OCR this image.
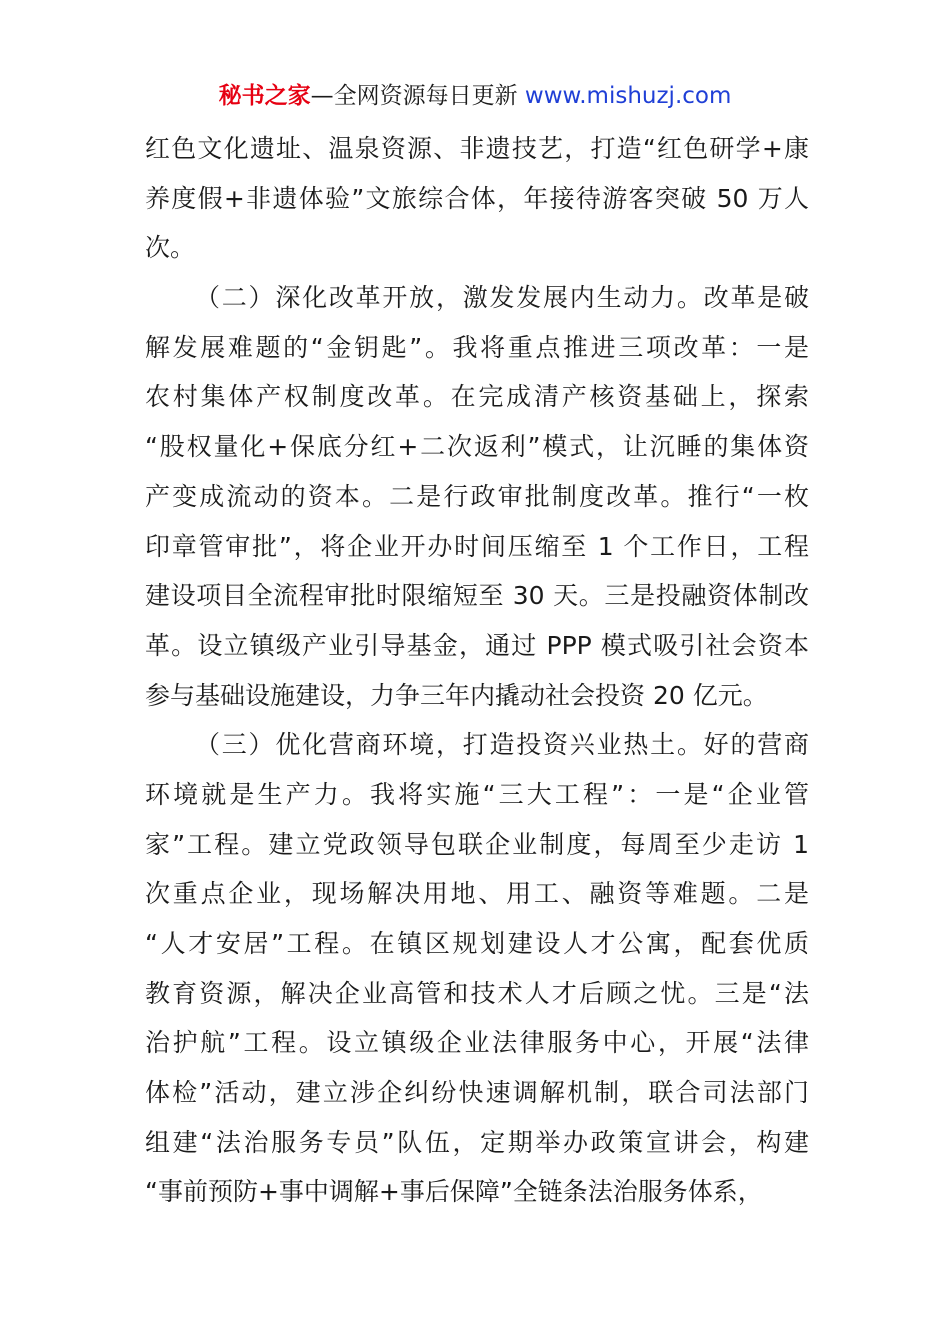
秘书之家—全网资源每日更新 www.mishuzj.com
红色文化遗址、温泉资源、非遗技艺，打造“红色研学+康
养度假+非遗体验”文旅综合体，年接待游客突破 50 万人
次。
（二）深化改革开放，激发发展内生动力。改革是破
解发展难题的“金钥匙”。我将重点推进三项改革：一是
农村集体产权制度改革。在完成清产核资基础上，探索
“股权量化+保底分红+二次返利”模式，让沉睡的集体资
产变成流动的资本。二是行政审批制度改革。推行“一枚
印章管审批”，将企业开办时间压缩至 1 个工作日，工程
建设项目全流程审批时限缩短至 30 天。三是投融资体制改
革。设立镇级产业引导基金，通过 PPP 模式吸引社会资本
参与基础设施建设，力争三年内撬动社会投资 20 亿元。
（三）优化营商环境，打造投资兴业热土。好的营商
环境就是生产力。我将实施“三大工程”：一是“企业管
家”工程。建立党政领导包联企业制度，每周至少走访 1
次重点企业，现场解决用地、用工、融资等难题。二是
“人才安居”工程。在镇区规划建设人才公寓，配套优质
教育资源，解决企业高管和技术人才后顾之忧。三是“法
治护航”工程。设立镇级企业法律服务中心，开展“法律
体检”活动，建立涉企纠纷快速调解机制，联合司法部门
组建“法治服务专员”队伍，定期举办政策宣讲会，构建
“事前预防+事中调解+事后保障”全链条法治服务体系，
